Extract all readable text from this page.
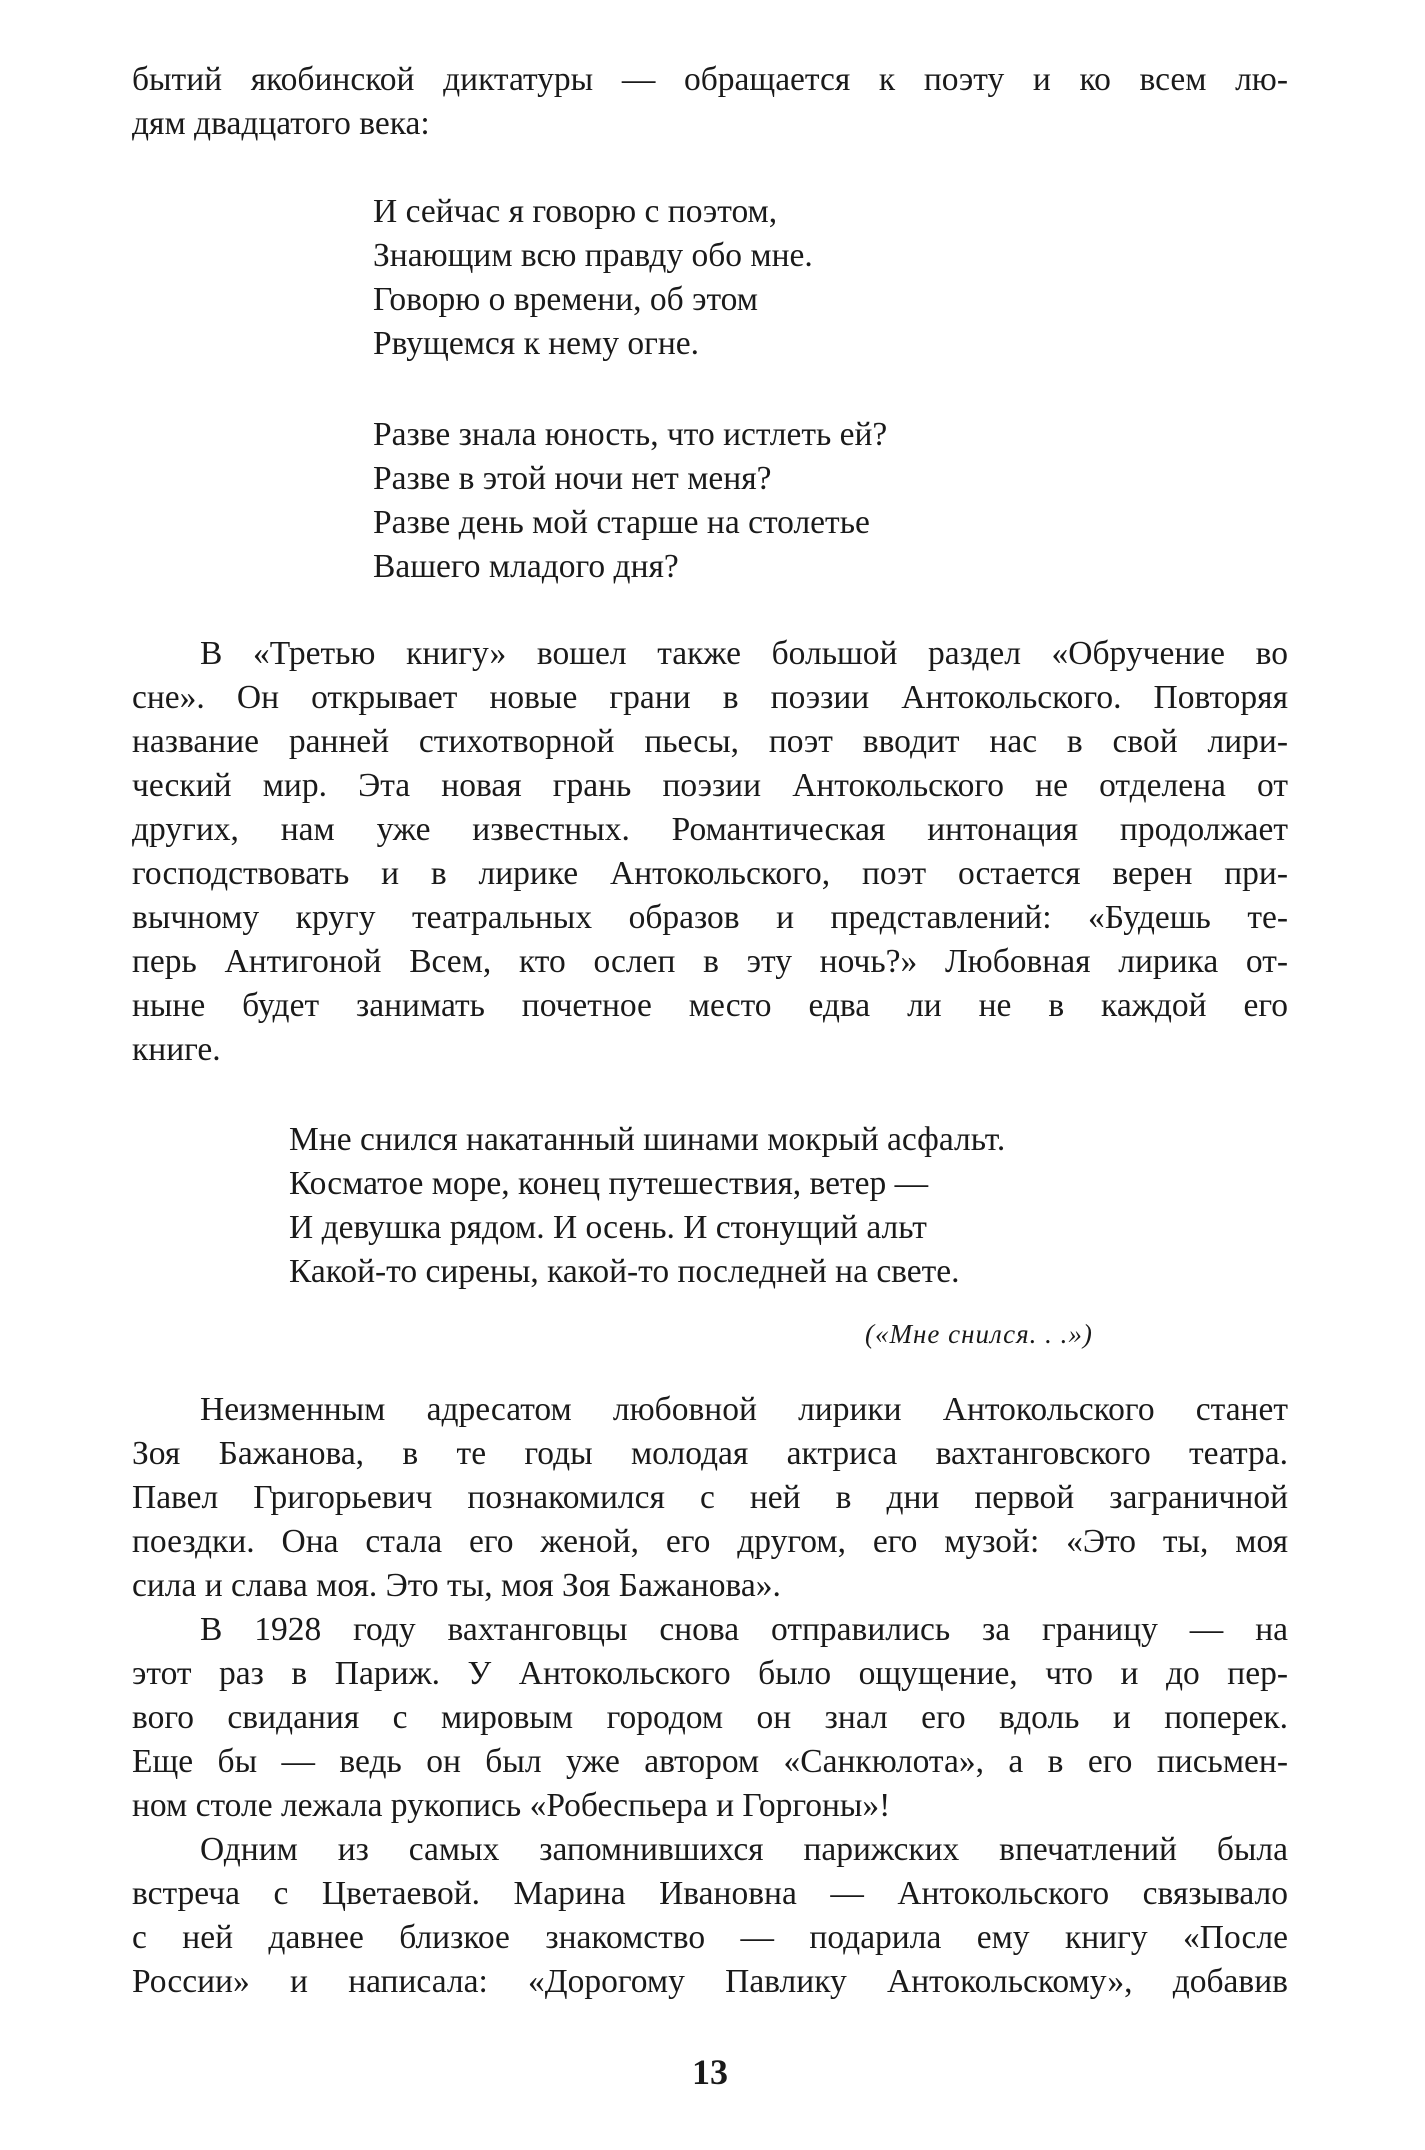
бытий якобинской диктатуры — обращается к поэту и ко всем лю-

дям двадцатого века:

И сейчас я говорю с поэтом,

Знающим всю правду обо мне.

Говорю о времени, об этом

Рвущемся к нему огне.

Разве знала юность, что истлеть ей?

Разве в этой ночи нет меня?

Разве день мой старше на столетье

Вашего младого дня?

В «Третью книгу» вошел также большой раздел «Обручение во

сне». Он открывает новые грани в поэзии Антокольского. Повторяя

название ранней стихотворной пьесы, поэт вводит нас в свой лири-

ческий мир. Эта новая грань поэзии Антокольского не отделена от

других, нам уже известных. Романтическая интонация продолжает

господствовать и в лирике Антокольского, поэт остается верен при-

вычному кругу театральных образов и представлений: «Будешь те-

перь Антигоной Всем, кто ослеп в эту ночь?» Любовная лирика от-

ныне будет занимать почетное место едва ли не в каждой его

книге.

Мне снился накатанный шинами мокрый асфальт.

Косматое море, конец путешествия, ветер —

И девушка рядом. И осень. И стонущий альт

Какой-то сирены, какой-то последней на свете.

(«Мне снился. . .»)

Неизменным адресатом любовной лирики Антокольского станет

Зоя Бажанова, в те годы молодая актриса вахтанговского театра.

Павел Григорьевич познакомился с ней в дни первой заграничной

поездки. Она стала его женой, его другом, его музой: «Это ты, моя

сила и слава моя. Это ты, моя Зоя Бажанова».

В 1928 году вахтанговцы снова отправились за границу — на

этот раз в Париж. У Антокольского было ощущение, что и до пер-

вого свидания с мировым городом он знал его вдоль и поперек.

Еще бы — ведь он был уже автором «Санкюлота», а в его письмен-

ном столе лежала рукопись «Робеспьера и Горгоны»!

Одним из самых запомнившихся парижских впечатлений была

встреча с Цветаевой. Марина Ивановна — Антокольского связывало

с ней давнее близкое знакомство — подарила ему книгу «После

России» и написала: «Дорогому Павлику Антокольскому», добавив

13
